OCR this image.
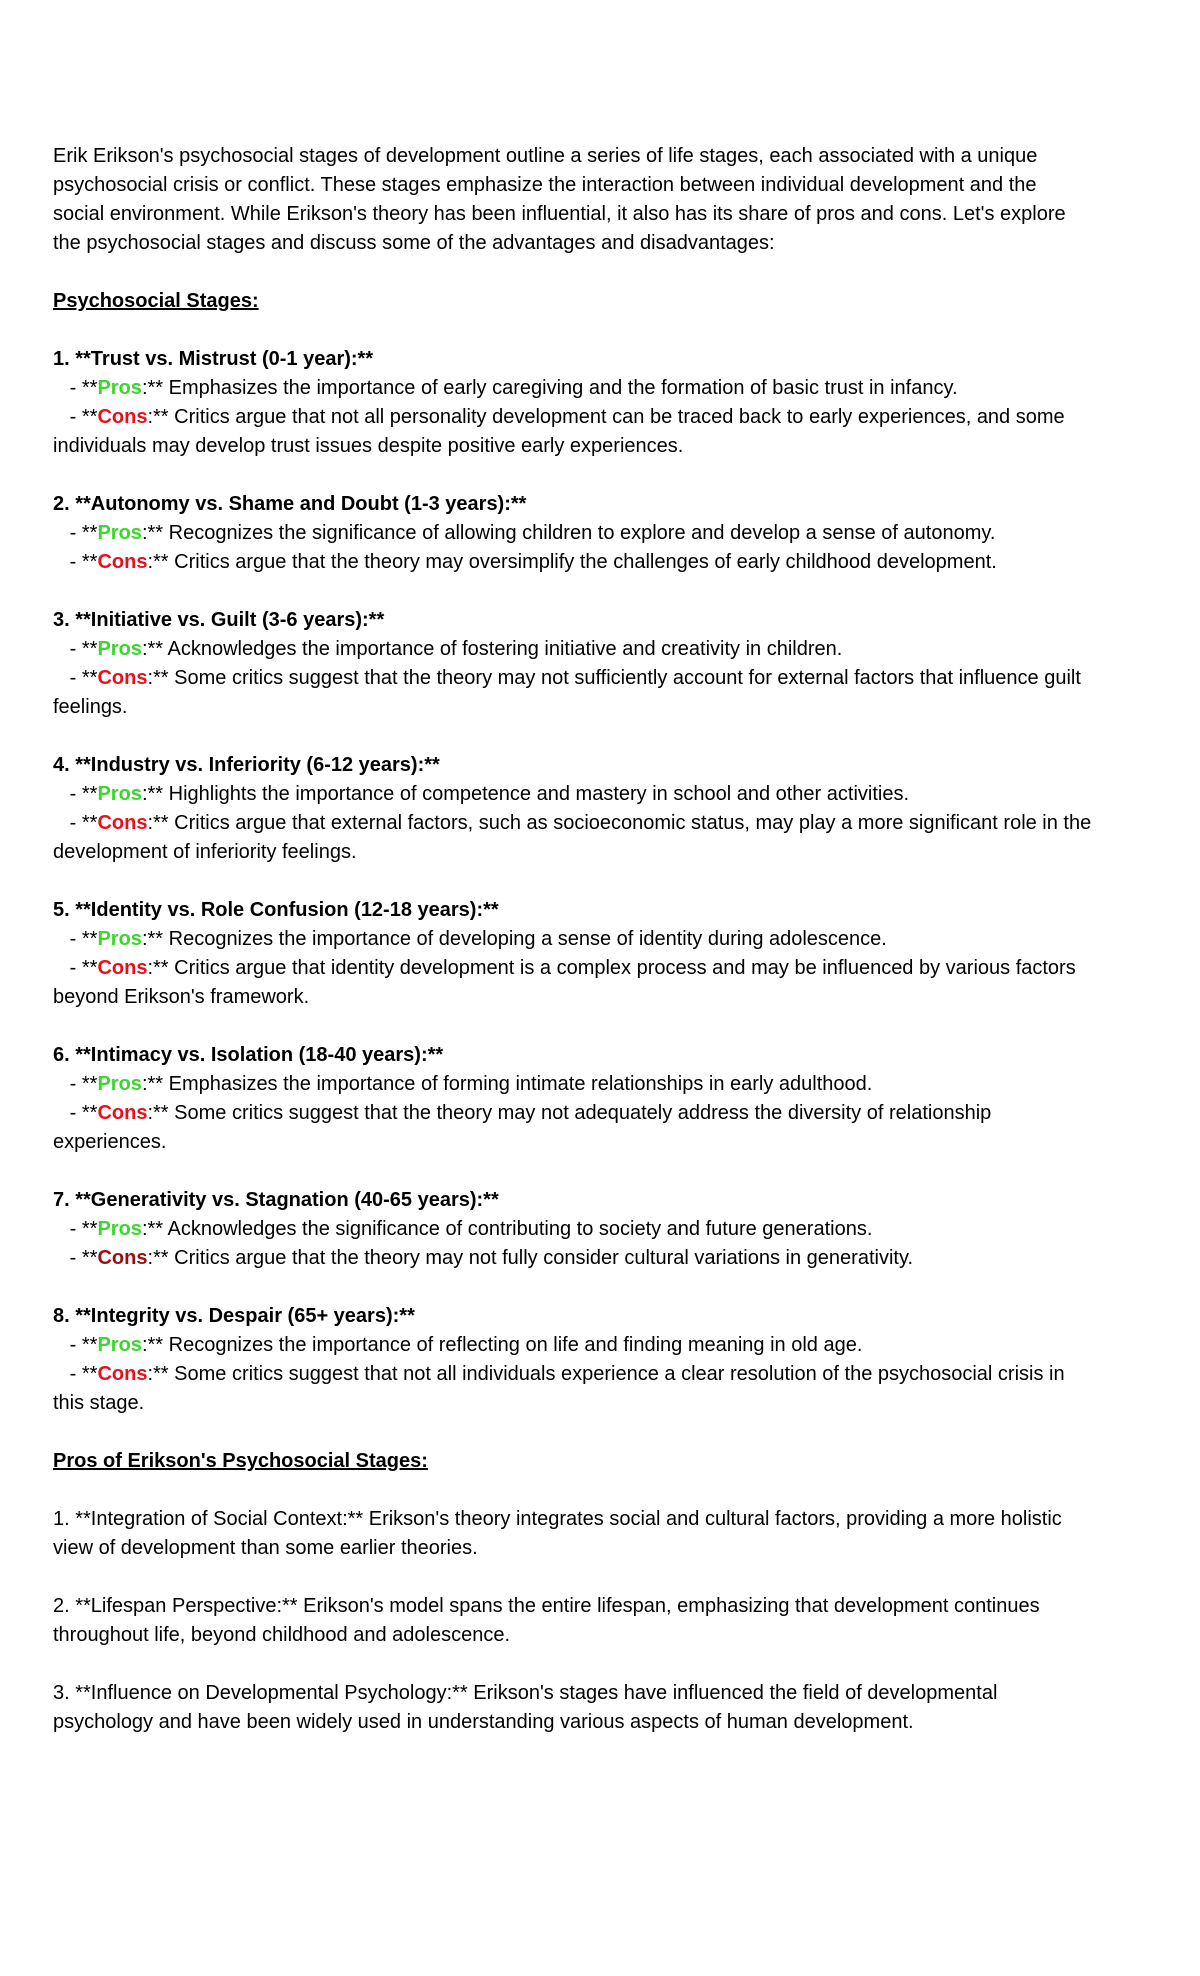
Erik Erikson's psychosocial stages of development outline a series of life stages, each associated with a unique psychosocial crisis or conflict. These stages emphasize the interaction between individual development and the social environment. While Erikson's theory has been influential, it also has its share of pros and cons. Let's explore the psychosocial stages and discuss some of the advantages and disadvantages:

Psychosocial Stages:

1. **Trust vs. Mistrust (0-1 year):**

- **Pros:** Emphasizes the importance of early caregiving and the formation of basic trust in infancy.

- **Cons:** Critics argue that not all personality development can be traced back to early experiences, and some individuals may develop trust issues despite positive early experiences.

2. **Autonomy vs. Shame and Doubt (1-3 years):**

- **Pros:** Recognizes the significance of allowing children to explore and develop a sense of autonomy.

- **Cons:** Critics argue that the theory may oversimplify the challenges of early childhood development.

3. **Initiative vs. Guilt (3-6 years):**

- **Pros:** Acknowledges the importance of fostering initiative and creativity in children.

- **Cons:** Some critics suggest that the theory may not sufficiently account for external factors that influence guilt feelings.

4. **Industry vs. Inferiority (6-12 years):**

- **Pros:** Highlights the importance of competence and mastery in school and other activities.

- **Cons:** Critics argue that external factors, such as socioeconomic status, may play a more significant role in the development of inferiority feelings.

5. **Identity vs. Role Confusion (12-18 years):**

- **Pros:** Recognizes the importance of developing a sense of identity during adolescence.

- **Cons:** Critics argue that identity development is a complex process and may be influenced by various factors beyond Erikson's framework.

6. **Intimacy vs. Isolation (18-40 years):**

- **Pros:** Emphasizes the importance of forming intimate relationships in early adulthood.

- **Cons:** Some critics suggest that the theory may not adequately address the diversity of relationship experiences.

7. **Generativity vs. Stagnation (40-65 years):**

- **Pros:** Acknowledges the significance of contributing to society and future generations.

- **Cons:** Critics argue that the theory may not fully consider cultural variations in generativity.

8. **Integrity vs. Despair (65+ years):**

- **Pros:** Recognizes the importance of reflecting on life and finding meaning in old age.

- **Cons:** Some critics suggest that not all individuals experience a clear resolution of the psychosocial crisis in this stage.

Pros of Erikson's Psychosocial Stages:

1. **Integration of Social Context:** Erikson's theory integrates social and cultural factors, providing a more holistic view of development than some earlier theories.

2. **Lifespan Perspective:** Erikson's model spans the entire lifespan, emphasizing that development continues throughout life, beyond childhood and adolescence.

3. **Influence on Developmental Psychology:** Erikson's stages have influenced the field of developmental psychology and have been widely used in understanding various aspects of human development.
